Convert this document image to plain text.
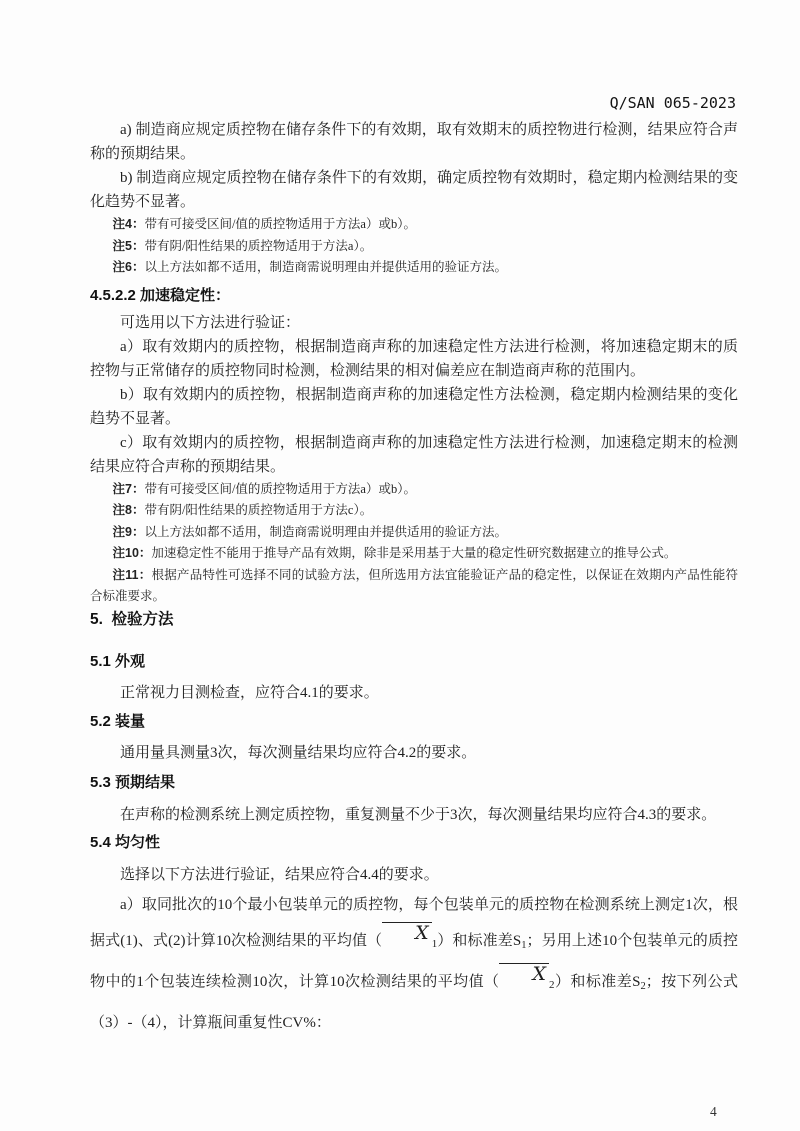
Q/SAN 065-2023

a) 制造商应规定质控物在储存条件下的有效期，取有效期末的质控物进行检测，结果应符合声称的预期结果。

b) 制造商应规定质控物在储存条件下的有效期，确定质控物有效期时，稳定期内检测结果的变化趋势不显著。

注4：带有可接受区间/值的质控物适用于方法a）或b）。

注5：带有阴/阳性结果的质控物适用于方法a）。

注6：以上方法如都不适用，制造商需说明理由并提供适用的验证方法。

4.5.2.2 加速稳定性：

可选用以下方法进行验证：

a）取有效期内的质控物，根据制造商声称的加速稳定性方法进行检测，将加速稳定期末的质控物与正常储存的质控物同时检测，检测结果的相对偏差应在制造商声称的范围内。

b）取有效期内的质控物，根据制造商声称的加速稳定性方法检测，稳定期内检测结果的变化趋势不显著。

c）取有效期内的质控物，根据制造商声称的加速稳定性方法进行检测，加速稳定期末的检测结果应符合声称的预期结果。

注7：带有可接受区间/值的质控物适用于方法a）或b）。

注8：带有阴/阳性结果的质控物适用于方法c）。

注9：以上方法如都不适用，制造商需说明理由并提供适用的验证方法。

注10：加速稳定性不能用于推导产品有效期，除非是采用基于大量的稳定性研究数据建立的推导公式。

注11：根据产品特性可选择不同的试验方法，但所选用方法宜能验证产品的稳定性，以保证在效期内产品性能符合标准要求。

5.  检验方法

5.1 外观

正常视力目测检查，应符合4.1的要求。

5.2 装量

通用量具测量3次，每次测量结果均应符合4.2的要求。

5.3 预期结果

在声称的检测系统上测定质控物，重复测量不少于3次，每次测量结果均应符合4.3的要求。

5.4 均匀性

选择以下方法进行验证，结果应符合4.4的要求。

a）取同批次的10个最小包装单元的质控物，每个包装单元的质控物在检测系统上测定1次，根据式(1)、式(2)计算10次检测结果的平均值（ X $_1$）和标准差$S_1$；另用上述10个包装单元的质控物中的1个包装连续检测10次，计算10次检测结果的平均值（ X $_2$）和标准差$S_2$；按下列公式（3）-（4），计算瓶间重复性CV%：

4
